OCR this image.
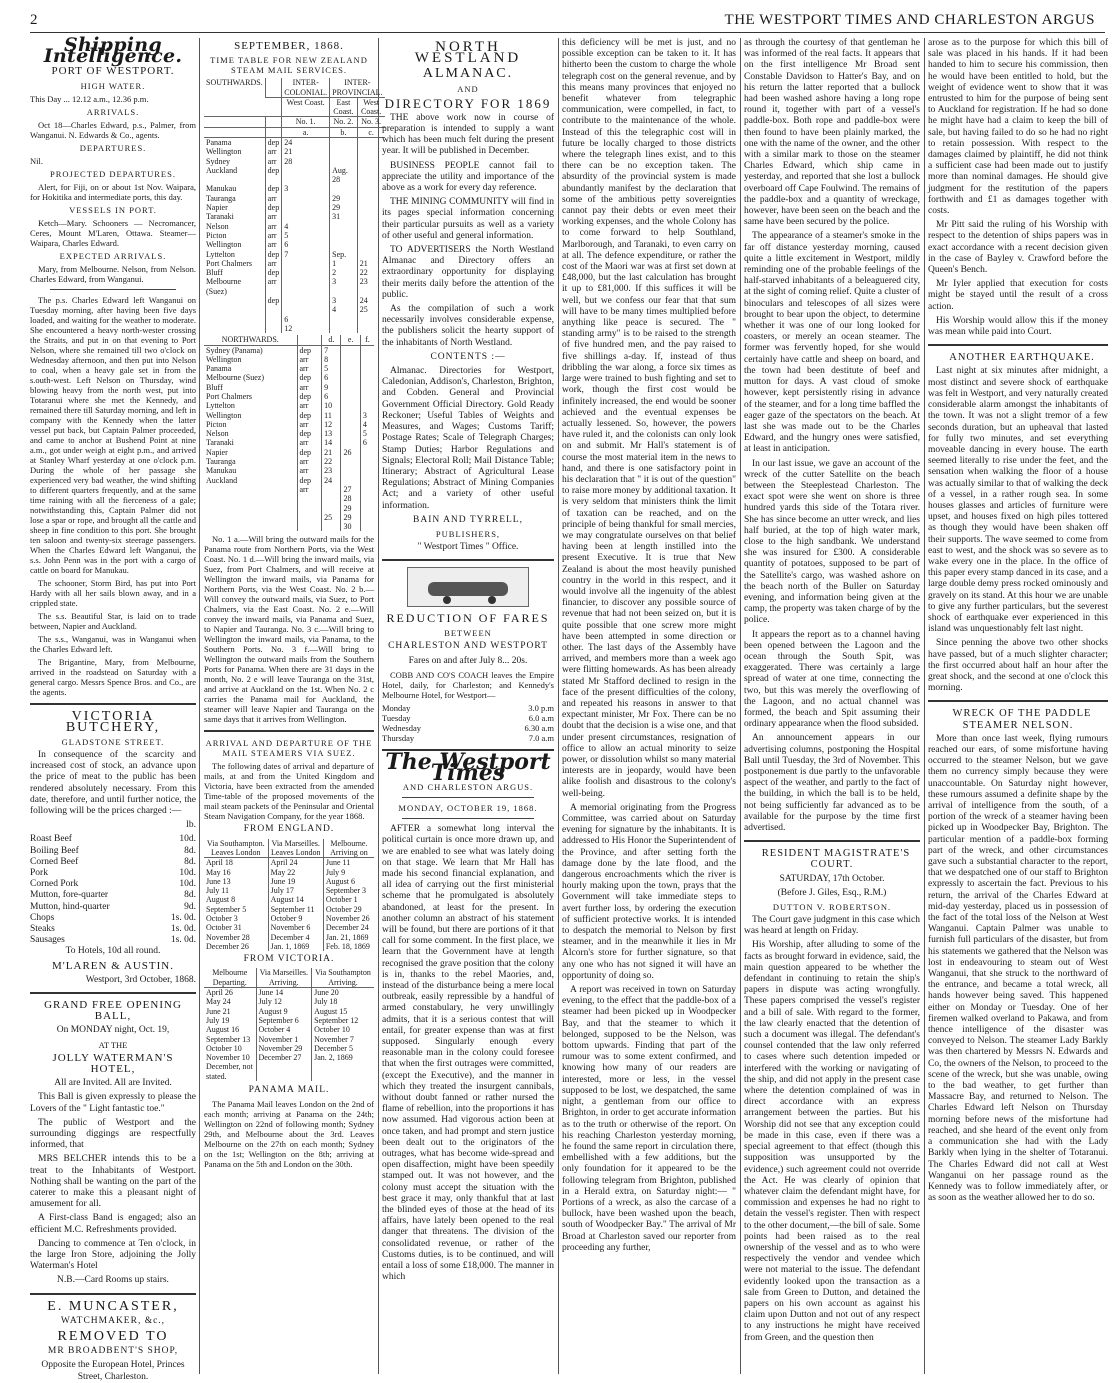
2	THE WESTPORT TIMES AND CHARLESTON ARGUS
Shipping Intelligence.

PORT OF WESTPORT.

HIGH WATER.

This Day ... 12.12 a.m., 12.36 p.m.

ARRIVALS.

Oct 18—Charles Edward, p.s., Palmer, from Wanganui. N. Edwards & Co., agents.

DEPARTURES.

Nil.

PROJECTED DEPARTURES.

Alert, for Fiji, on or about 1st Nov. Waipara, for Hokitika and intermediate ports, this day.

VESSELS IN PORT.

Ketch—Mary. Schooners — Necromancer, Ceres, Mount M'Laren, Ottawa. Steamer—Waipara, Charles Edward.

EXPECTED ARRIVALS.

Mary, from Melbourne. Nelson, from Nelson. Charles Edward, from Wanganui.

The p.s. Charles Edward left Wanganui on Tuesday morning, after having been five days loaded, and waiting for the weather to moderate. She encountered a heavy north-wester crossing the Straits, and put in on that evening to Port Nelson, where she remained till two o'clock on Wednesday afternoon, and then put into Nelson to coal, when a heavy gale set in from the s.outh-west. Left Nelson on Thursday, wind blowing heavy from the north west, put into Totaranui where she met the Kennedy, and remained there till Saturday morning, and left in company with the Kennedy when the latter vessel put back, but Captain Palmer proceeded, and came to anchor at Bushend Point at nine a.m., got under weigh at eight p.m., and arrived at Stanley Wharf yesterday at one o'clock p.m. During the whole of her passage she experienced very bad weather, the wind shifting to different quarters frequently, and at the same time raining with all the fierceness of a gale; notwithstanding this, Captain Palmer did not lose a spar or rope, and brought all the cattle and sheep in fine condition to this port. She brought ten saloon and twenty-six steerage passengers. When the Charles Edward left Wanganui, the s.s. John Penn was in the port with a cargo of cattle on board for Manukau.

The schooner, Storm Bird, has put into Port Hardy with all her sails blown away, and in a crippled state.

The s.s. Beautiful Star, is laid on to trade between, Napier and Auckland.

The s.s., Wanganui, was in Wanganui when the Charles Edward left.

The Brigantine, Mary, from Melbourne, arrived in the roadstead on Saturday with a general cargo. Messrs Spence Bros. and Co., are the agents.

VICTORIA BUTCHERY,

GLADSTONE STREET.

In consequence of the scarcity and increased cost of stock, an advance upon the price of meat to the public has been rendered absolutely necessary. From this date, therefore, and until further notice, the following will be the prices charged :—

lb.

Roast Beef	10d.

Boiling Beef	8d.

Corned Beef	8d.

Pork	10d.

Corned Pork	10d.

Mutton, fore-quarter	8d.

Mutton, hind-quarter	9d.

Chops	1s. 0d.

Steaks	1s. 0d.

Sausages	1s. 0d.

To Hotels, 10d all round.

M'LAREN & AUSTIN.

Westport, 3rd October, 1868.

GRAND FREE OPENING BALL,

On MONDAY night, Oct. 19,

AT THE

JOLLY WATERMAN'S HOTEL,

All are Invited. All are Invited.

This Ball is given expressly to please the Lovers of the " Light fantastic toe."

The public of Westport and the surrounding diggings are respectfully informed, that

MRS BELCHER intends this to be a treat to the Inhabitants of Westport. Nothing shall be wanting on the part of the caterer to make this a pleasant night of amusement for all.

A First-class Band is engaged; also an efficient M.C. Refreshments provided.

Dancing to commence at Ten o'clock, in the large Iron Store, adjoining the Jolly Waterman's Hotel

N.B.—Card Rooms up stairs.

E. MUNCASTER,

WATCHMAKER, &c.,

REMOVED TO

MR BROADBENT'S SHOP,

Opposite the European Hotel, Princes Street, Charleston.

SEPTEMBER, 1868.

TIME TABLE FOR NEW ZEALAND STEAM MAIL SERVICES.

SOUTHWARDS.		INTER-COLONIAL.	INTER-PROVINCIAL.	
		West Coast.	East Coast.	West Coast.
		No. 1.	No. 2.	No. 3.
		a.	b.	c.
Panama	dep	24		
Wellington	arr	21		
Sydney	arr	28		
Auckland	dep		Aug. 28	
Manukau	dep	3		
Tauranga	arr		29	
Napier	dep		29	
Taranaki	arr		31	
Nelson	arr	4		
Picton	arr	5		
Wellington	arr	6		
Lyttelton	dep	7	Sep.	
Port Chalmers	arr		1	21
Bluff	dep		2	22
Melbourne (Suez)	arr		3	23
	dep		3	24
			4	25
		6		
		12		
NORTHWARDS.		d.	e.	f.
Sydney (Panama)	dep	7		
Wellington	arr	8		
Panama	arr	5		
Melbourne (Suez)	dep	6		
Bluff	arr	9		
Port Chalmers	dep	6		
Lyttelton	arr	10		
Wellington	dep	11		3
Picton	arr	12		4
Nelson	dep	13		5
Taranaki	arr	14		6
Napier	dep	21	26	
Tauranga	arr	22		
Manukau	arr	23		
Auckland	dep	24		
	arr		27	
			28	
			29	
		25	29	
			30	

No. 1 a.—Will bring the outward mails for the Panama route from Northern Ports, via the West Coast. No. 1 d.—Will bring the inward mails, via Suez, from Port Chalmers, and will receive at Wellington the inward mails, via Panama for Northern Ports, via the West Coast. No. 2 b.—Will convey the outward mails, via Suez, to Port Chalmers, via the East Coast. No. 2 e.—Will convey the inward mails, via Panama and Suez, to Napier and Tauranga. No. 3 c.—Will bring to Wellington the inward mails, via Panama, to the Southern Ports. No. 3 f.—Will bring to Wellington the outward mails from the Southern Ports for Panama. When there are 31 days in the month, No. 2 e will leave Tauranga on the 31st, and arrive at Auckland on the 1st. When No. 2 c carries the Panama mail for Auckland, the steamer will leave Napier and Tauranga on the same days that it arrives from Wellington.

ARRIVAL AND DEPARTURE OF THE MAIL STEAMERS VIA SUEZ.

The following dates of arrival and departure of mails, at and from the United Kingdom and Victoria, have been extracted from the amended Time-table of the proposed movements of the mail steam packets of the Peninsular and Oriental Steam Navigation Company, for the year 1868.

FROM ENGLAND.

Via Southampton. Leaves London	Via Marseilles. Leaves London	Melbourne. Arriving on
April 18	April 24	June 11
May 16	May 22	July 9
June 13	June 19	August 6
July 11	July 17	September 3
August 8	August 14	October 1
September 5	September 11	October 29
October 3	October 9	November 26
October 31	November 6	December 24
November 28	December 4	Jan. 21, 1869
December 26	Jan. 1, 1869	Feb. 18, 1869

FROM VICTORIA.

Melbourne Departing.	Via Marseilles. Arriving.	Via Southampton Arriving.
April 26	June 14	June 20
May 24	July 12	July 18
June 21	August 9	August 15
July 19	September 6	September 12
August 16	October 4	October 10
September 13	November 1	November 7
October 10	November 29	December 5
November 10	December 27	Jan. 2, 1869
December, not stated.		

PANAMA MAIL.

The Panama Mail leaves London on the 2nd of each month; arriving at Panama on the 24th; Wellington on 22nd of following month; Sydney 29th, and Melbourne about the 3rd. Leaves Melbourne on the 27th on each month; Sydney on the 1st; Wellington on the 8th; arriving at Panama on the 5th and London on the 30th.

NORTH WESTLAND

ALMANAC.

AND

DIRECTORY FOR 1869

THE above work now in course of preparation is intended to supply a want which has been much felt during the present year. It will be published in December.

BUSINESS PEOPLE cannot fail to appreciate the utility and importance of the above as a work for every day reference.

THE MINING COMMUNITY will find in its pages special information concerning their particular pursuits as well as a variety of other useful and general information.

TO ADVERTISERS the North Westland Almanac and Directory offers an extraordinary opportunity for displaying their merits daily before the attention of the public.

As the compilation of such a work necessarily involves considerable expense, the publishers solicit the hearty support of the inhabitants of North Westland.

CONTENTS :—

Almanac. Directories for Westport, Caledonian, Addison's, Charleston, Brighton, and Cobden. General and Provincial Government Official Directory. Gold Ready Reckoner; Useful Tables of Weights and Measures, and Wages; Customs Tariff; Postage Rates; Scale of Telegraph Charges; Stamp Duties; Harbor Regulations and Signals; Electoral Roll; Mail Distance Table; Itinerary; Abstract of Agricultural Lease Regulations; Abstract of Mining Companies Act; and a variety of other useful information.

BAIN AND TYRRELL,

PUBLISHERS,

" Westport Times " Office.

REDUCTION OF FARES

BETWEEN

CHARLESTON AND WESTPORT

Fares on and after July 8... 20s.

COBB AND CO'S COACH leaves the Empire Hotel, daily, for Charleston; and Kennedy's Melbourne Hotel, for Westport—

Monday	3.0 p.m

Tuesday	6.0 a.m

Wednesday	6.30 a.m

Thursday	7.0 a.m

The Westport Times

AND CHARLESTON ARGUS.

MONDAY, OCTOBER 19, 1868.

AFTER a somewhat long interval the political curtain is once more drawn up, and we are enabled to see what was lately doing on that stage. We learn that Mr Hall has made his second financial explanation, and all idea of carrying out the first ministerial scheme that he promulgated is absolutely abandoned, at least for the present. In another column an abstract of his statement will be found, but there are portions of it that call for some comment. In the first place, we learn that the Government have at length recognised the grave position that the colony is in, thanks to the rebel Maories, and, instead of the disturbance being a mere local outbreak, easily repressible by a handful of armed constabulary, he very unwillingly admits, that it is a serious contest that will entail, for greater expense than was at first supposed. Singularly enough every reasonable man in the colony could foresee that when the first outrages were committed, (except the Executive), and the manner in which they treated the insurgent cannibals, without doubt fanned or rather nursed the flame of rebellion, into the proportions it has now assumed. Had vigorous action been at once taken, and had prompt and stern justice been dealt out to the originators of the outrages, what has become wide-spread and open disaffection, might have been speedily stamped out. It was not however, and the colony must accept the situation with the best grace it may, only thankful that at last the blinded eyes of those at the head of its affairs, have lately been opened to the real danger that threatens. The division of the consolidated revenue, or rather of the Customs duties, is to be continued, and will entail a loss of some £18,000. The manner in which

this deficiency will be met is just, and no possible exception can be taken to it. It has hitherto been the custom to charge the whole telegraph cost on the general revenue, and by this means many provinces that enjoyed no benefit whatever from telegraphic communication, were compelled, in fact, to contribute to the maintenance of the whole. Instead of this the telegraphic cost will in future be locally charged to those districts where the telegraph lines exist, and to this there can be no exception taken. The absurdity of the provincial system is made abundantly manifest by the declaration that some of the ambitious petty sovereignties cannot pay their debts or even meet their working expenses, and the whole Colony has to come forward to help Southland, Marlborough, and Taranaki, to even carry on at all. The defence expenditure, or rather the cost of the Maori war was at first set down at £48,000, but the last calculation has brought it up to £81,000. If this suffices it will be well, but we confess our fear that that sum will have to be many times multiplied before anything like peace is secured. The " standing army" is to be raised to the strength of five hundred men, and the pay raised to five shillings a-day. If, instead of thus dribbling the war along, a force six times as large were trained to bush fighting and set to work, though the first cost would be infinitely increased, the end would be sooner achieved and the eventual expenses be actually lessened. So, however, the powers have ruled it, and the colonists can only look on and submit. Mr Hall's statement is of course the most material item in the news to hand, and there is one satisfactory point in his declaration that " it is out of the question" to raise more money by additional taxation. It is very seldom that ministers think the limit of taxation can be reached, and on the principle of being thankful for small mercies, we may congratulate ourselves on that belief having been at length instilled into the present Executive. It is true that New Zealand is about the most heavily punished country in the world in this respect, and it would involve all the ingenuity of the ablest financier, to discover any possible source of revenue that had not been seized on, but it is quite possible that one screw more might have been attempted in some direction or other. The last days of the Assembly have arrived, and members more than a week ago were flitting homewards. As has been already stated Mr Stafford declined to resign in the face of the present difficulties of the colony, and repeated his reasons in answer to that expectant minister, Mr Fox. There can be no doubt that the decision is a wise one, and that under present circumstances, resignation of office to allow an actual minority to seize power, or dissolution whilst so many material interests are in jeopardy, would have been alike foolish and disastrous to the colony's well-being.

A memorial originating from the Progress Committee, was carried about on Saturday evening for signature by the inhabitants. It is addressed to His Honor the Superintendent of the Province, and after setting forth the damage done by the late flood, and the dangerous encroachments which the river is hourly making upon the town, prays that the Government will take immediate steps to avert further loss, by ordering the execution of sufficient protective works. It is intended to despatch the memorial to Nelson by first steamer, and in the meanwhile it lies in Mr Alcorn's store for further signature, so that any one who has not signed it will have an opportunity of doing so.

A report was received in town on Saturday evening, to the effect that the paddle-box of a steamer had been picked up in Woodpecker Bay, and that the steamer to which it belonged, supposed to be the Nelson, was bottom upwards. Finding that part of the rumour was to some extent confirmed, and knowing how many of our readers are interested, more or less, in the vessel supposed to be lost, we despatched, the same night, a gentleman from our office to Brighton, in order to get accurate information as to the truth or otherwise of the report. On his reaching Charleston yesterday morning, he found the same report in circulation there, embellished with a few additions, but the only foundation for it appeared to be the following telegram from Brighton, published in a Herald extra, on Saturday night:— " Portions of a wreck, as also the carcase of a bullock, have been washed upon the beach, south of Woodpecker Bay." The arrival of Mr Broad at Charleston saved our reporter from proceeding any further,

as through the courtesy of that gentleman he was informed of the real facts. It appears that on the first intelligence Mr Broad sent Constable Davidson to Hatter's Bay, and on his return the latter reported that a bullock had been washed ashore having a long rope round it, together with part of a vessel's paddle-box. Both rope and paddle-box were then found to have been plainly marked, the one with the name of the owner, and the other with a similar mark to those on the steamer Charles Edward, which ship came in yesterday, and reported that she lost a bullock overboard off Cape Foulwind. The remains of the paddle-box and a quantity of wreckage, however, have been seen on the beach and the same have been secured by the police.

The appearance of a steamer's smoke in the far off distance yesterday morning, caused quite a little excitement in Westport, mildly reminding one of the probable feelings of the half-starved inhabitants of a beleaguered city, at the sight of coming relief. Quite a cluster of binoculars and telescopes of all sizes were brought to bear upon the object, to determine whether it was one of our long looked for coasters, or merely an ocean steamer. The former was fervently hoped, for she would certainly have cattle and sheep on board, and the town had been destitute of beef and mutton for days. A vast cloud of smoke however, kept persistently rising in advance of the steamer, and for a long time baffled the eager gaze of the spectators on the beach. At last she was made out to be the Charles Edward, and the hungry ones were satisfied, at least in anticipation.

In our last issue, we gave an account of the wreck of the cutter Satellite on the beach between the Steeplestead Charleston. The exact spot were she went on shore is three hundred yards this side of the Totara river. She has since become an utter wreck, and lies half buried, at the top of high water mark, close to the high sandbank. We understand she was insured for £300. A considerable quantity of potatoes, supposed to be part of the Satellite's cargo, was washed ashore on the beach north of the Buller on Saturday evening, and information being given at the camp, the property was taken charge of by the police.

It appears the report as to a channel having been opened between the Lagoon and the ocean through the South Spit, was exaggerated. There was certainly a large spread of water at one time, connecting the two, but this was merely the overflowing of the Lagoon, and no actual channel was formed, the beach and Spit assuming their ordinary appearance when the flood subsided.

An announcement appears in our advertising columns, postponing the Hospital Ball until Tuesday, the 3rd of November. This postponement is due partly to the unfavorable aspect of the weather, and partly to the fact of the building, in which the ball is to be held, not being sufficiently far advanced as to be available for the purpose by the time first advertised.

RESIDENT MAGISTRATE'S COURT.

SATURDAY, 17th October.

(Before J. Giles, Esq., R.M.)

DUTTON V. ROBERTSON.

The Court gave judgment in this case which was heard at length on Friday.

His Worship, after alluding to some of the facts as brought forward in evidence, said, the main question appeared to be whether the defendant in continuing to retain the ship's papers in dispute was acting wrongfully. These papers comprised the vessel's register and a bill of sale. With regard to the former, the law clearly enacted that the detention of such a document was illegal. The defendant's counsel contended that the law only referred to cases where such detention impeded or interfered with the working or navigating of the ship, and did not apply in the present case where the detention complained of was in direct accordance with an express arrangement between the parties. But his Worship did not see that any exception could be made in this case, even if there was a special agreement to that effect (though this supposition was unsupported by the evidence,) such agreement could not override the Act. He was clearly of opinion that whatever claim the defendant might have, for commission and expenses he had no right to detain the vessel's register. Then with respect to the other document,—the bill of sale. Some points had been raised as to the real ownership of the vessel and as to who were respectively the vendor and vendee which were not material to the issue. The defendant evidently looked upon the transaction as a sale from Green to Dutton, and detained the papers on his own account as against his claim upon Dutton and not out of any respect to any instructions he might have received from Green, and the question then

arose as to the purpose for which this bill of sale was placed in his hands. If it had been handed to him to secure his commission, then he would have been entitled to hold, but the weight of evidence went to show that it was entrusted to him for the purpose of being sent to Auckland for registration. If he had so done he might have had a claim to keep the bill of sale, but having failed to do so he had no right to retain possession. With respect to the damages claimed by plaintiff, he did not think a sufficient case had been made out to justify more than nominal damages. He should give judgment for the restitution of the papers forthwith and £1 as damages together with costs.

Mr Pitt said the ruling of his Worship with respect to the detention of ships papers was in exact accordance with a recent decision given in the case of Bayley v. Crawford before the Queen's Bench.

Mr Iyler applied that execution for costs might be stayed until the result of a cross action.

His Worship would allow this if the money was mean while paid into Court.

ANOTHER EARTHQUAKE.

Last night at six minutes after midnight, a most distinct and severe shock of earthquake was felt in Westport, and very naturally created considerable alarm amongst the inhabitants of the town. It was not a slight tremor of a few seconds duration, but an upheaval that lasted for fully two minutes, and set everything moveable dancing in every house. The earth seemed literally to rise under the feet, and the sensation when walking the floor of a house was actually similar to that of walking the deck of a vessel, in a rather rough sea. In some houses glasses and articles of furniture were upset, and houses fixed on high piles tottered as though they would have been shaken off their supports. The wave seemed to come from east to west, and the shock was so severe as to wake every one in the place. In the office of this paper every stamp danced in its case, and a large double demy press rocked ominously and gravely on its stand. At this hour we are unable to give any further particulars, but the severest shock of earthquake ever experienced in this island was unquestionably felt last night.

Since penning the above two other shocks have passed, but of a much slighter character; the first occurred about half an hour after the great shock, and the second at one o'clock this morning.

WRECK OF THE PADDLE STEAMER NELSON.

More than once last week, flying rumours reached our ears, of some misfortune having occurred to the steamer Nelson, but we gave them no currency simply because they were unaccountable. On Saturday night however, these rumours assumed a definite shape by the arrival of intelligence from the south, of a portion of the wreck of a steamer having been picked up in Woodpecker Bay, Brighton. The particular mention of a paddle-box forming part of the wreck, and other circumstances gave such a substantial character to the report, that we despatched one of our staff to Brighton expressly to ascertain the fact. Previous to his return, the arrival of the Charles Edward at mid-day yesterday, placed us in possession of the fact of the total loss of the Nelson at West Wanganui. Captain Palmer was unable to furnish full particulars of the disaster, but from his statements we gathered that the Nelson was lost in endeavouring to steam out of West Wanganui, that she struck to the northward of the entrance, and became a total wreck, all hands however being saved. This happened either on Monday or Tuesday. One of her firemen walked overland to Pakawa, and from thence intelligence of the disaster was conveyed to Nelson. The steamer Lady Barkly was then chartered by Messrs N. Edwards and Co, the owners of the Nelson, to proceed to the scene of the wreck, but she was unable, owing to the bad weather, to get further than Massacre Bay, and returned to Nelson. The Charles Edward left Nelson on Thursday morning before news of the misfortune had reached, and she heard of the event only from a communication she had with the Lady Barkly when lying in the shelter of Totaranui. The Charles Edward did not call at West Wanganui on her passage round as the Kennedy was to follow immediately after, or as soon as the weather allowed her to do so.
